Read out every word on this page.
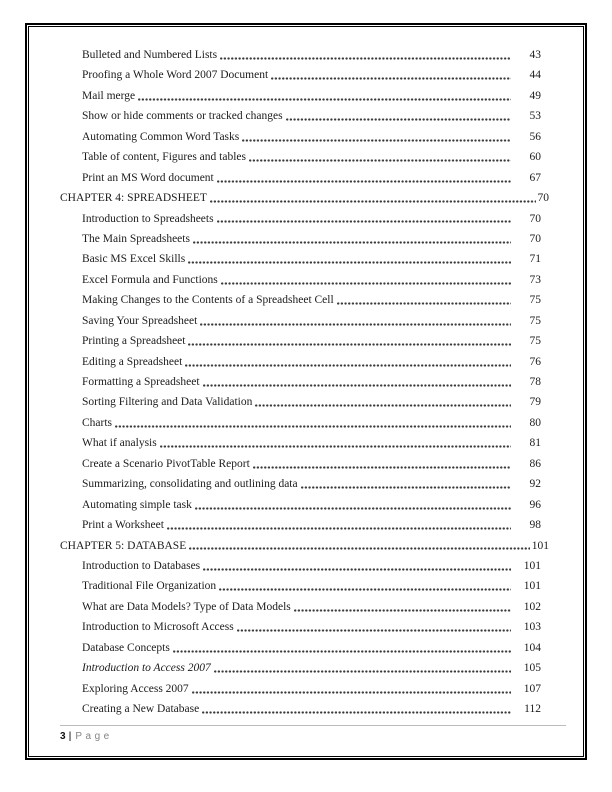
Bulleted and Numbered Lists	43
Proofing a Whole Word 2007 Document	44
Mail merge	49
Show or hide comments or tracked changes	53
Automating Common Word Tasks	56
Table of content, Figures and tables	60
Print an MS Word document	67
CHAPTER 4: SPREADSHEET	70
Introduction to Spreadsheets	70
The Main Spreadsheets	70
Basic MS Excel Skills	71
Excel Formula and Functions	73
Making Changes to the Contents of a Spreadsheet Cell	75
Saving Your Spreadsheet	75
Printing a Spreadsheet	75
Editing a Spreadsheet	76
Formatting a Spreadsheet	78
Sorting Filtering and Data Validation	79
Charts	80
What if analysis	81
Create a Scenario PivotTable Report	86
Summarizing, consolidating and outlining data	92
Automating simple task	96
Print a Worksheet	98
CHAPTER 5: DATABASE	101
Introduction to Databases	101
Traditional File Organization	101
What are Data Models? Type of Data Models	102
Introduction to Microsoft Access	103
Database Concepts	104
Introduction to Access 2007	105
Exploring Access 2007	107
Creating a New Database	112
3 | Page
